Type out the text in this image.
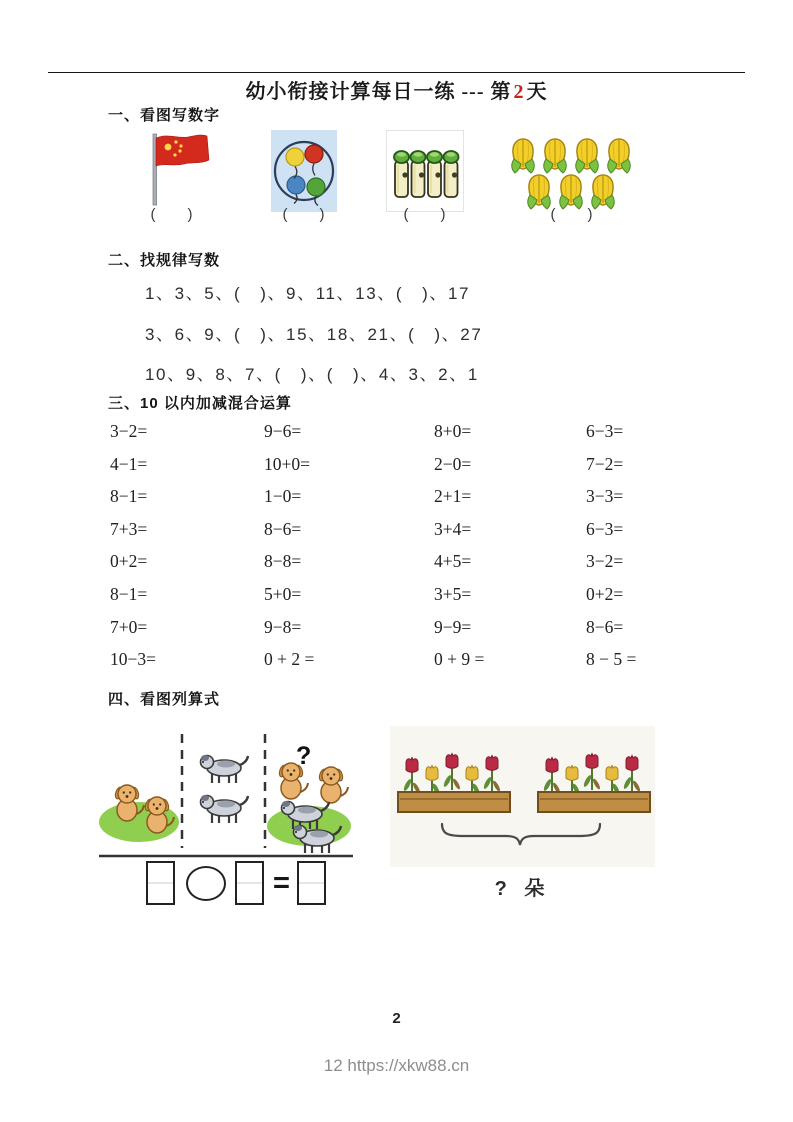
幼小衔接计算每日一练 --- 第 2 天
一、看图写数字
(      )	(      )	(      )	(      )
二、找规律写数
1、3、5、(   )、9、11、13、(   )、17
3、6、9、(   )、15、18、21、(   )、27
10、9、8、7、(   )、(   )、4、3、2、1
三、10 以内加减混合运算
3−2=	9−6=	8+0=	6−3=
4−1=	10+0=	2−0=	7−2=
8−1=	1−0=	2+1=	3−3=
7+3=	8−6=	3+4=	6−3=
0+2=	8−8=	4+5=	3−2=
8−1=	5+0=	3+5=	0+2=
7+0=	9−8=	9−9=	8−6=
10−3=	0 + 2 =	0 + 9 =	8 − 5 =
四、看图列算式
?
=	? 朵
2
12 https://xkw88.cn
